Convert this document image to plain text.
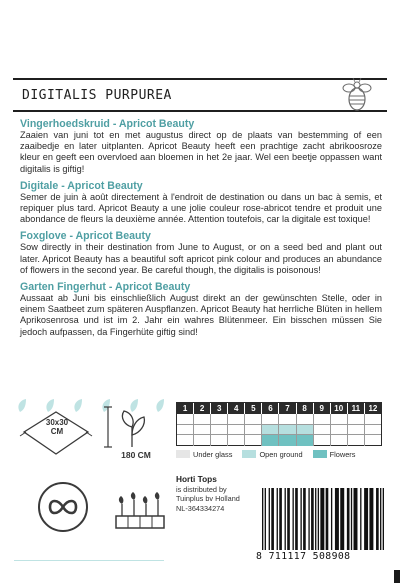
DIGITALIS PURPUREA
Vingerhoedskruid - Apricot Beauty
Zaaien van juni tot en met augustus direct op de plaats van bestemming of een zaaibedje en later uitplanten. Apricot Beauty heeft een prachtige zacht abrikoosroze kleur en geeft een overvloed aan bloemen in het 2e jaar. Wel een beetje oppassen want digitalis is giftig!
Digitale - Apricot Beauty
Semer de juin à août directement à l'endroit de destination ou dans un bac à semis, et repiquer plus tard. Apricot Beauty a une jolie couleur rose-abricot tendre et produit une abondance de fleurs la deuxième année. Attention toutefois, car la digitale est toxique!
Foxglove - Apricot Beauty
Sow directly in their destination from June to August, or on a seed bed and plant out later. Apricot Beauty has a beautiful soft apricot pink colour and produces an abundance of flowers in the second year. Be careful though, the digitalis is poisonous!
Garten Fingerhut - Apricot Beauty
Aussaat ab Juni bis einschließlich August direkt an der gewünschten Stelle, oder in einem Saatbeet zum späteren Auspflanzen. Apricot Beauty hat herrliche Blüten in hellem Aprikosenrosa und ist im 2. Jahr ein wahres Blütenmeer. Ein bisschen müssen Sie jedoch aufpassen, da Fingerhüte giftig sind!
30x30
CM
180 CM
1	2	3	4	5	6	7	8	9	10	11	12
Under glass	Open ground	Flowers
Horti Tops
is distributed by
Tuinplus bv Holland
NL-364334274
8 711117 508908
